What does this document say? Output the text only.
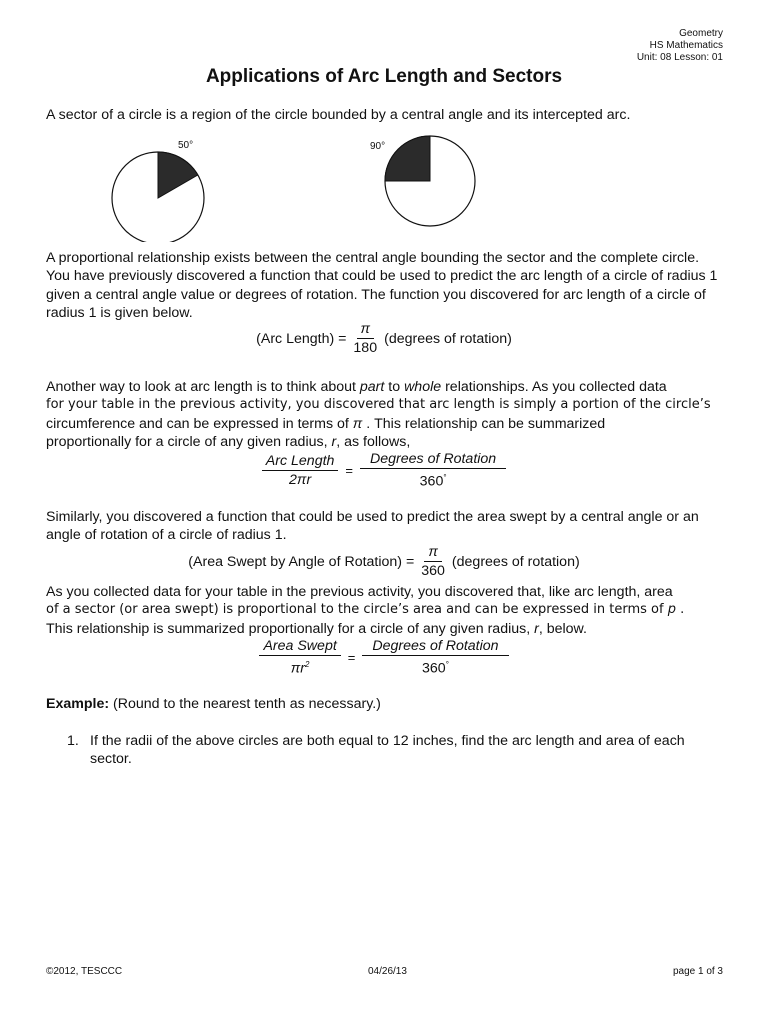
Geometry
HS Mathematics
Unit: 08 Lesson: 01
Applications of Arc Length and Sectors
A sector of a circle is a region of the circle bounded by a central angle and its intercepted arc.
50°	90°
A proportional relationship exists between the central angle bounding the sector and the complete circle. You have previously discovered a function that could be used to predict the arc length of a circle of radius 1 given a central angle value or degrees of rotation. The function you discovered for arc length of a circle of radius 1 is given below.
(Arc Length) = $\frac{\pi}{180}$ (degrees of rotation)
Another way to look at arc length is to think about part to whole relationships. As you collected data
for your table in the previous activity, you discovered that arc length is simply a portion of the circle’s
circumference and can be expressed in terms of π . This relationship can be summarized
proportionally for a circle of any given radius, r, as follows,
$\frac{\text{Arc Length}}{2\pi r} = \frac{\text{Degrees of Rotation}}{360^\circ}$
Similarly, you discovered a function that could be used to predict the area swept by a central angle or an angle of rotation of a circle of radius 1.
(Area Swept by Angle of Rotation) = $\frac{\pi}{360}$ (degrees of rotation)
As you collected data for your table in the previous activity, you discovered that, like arc length, area
of a sector (or area swept) is proportional to the circle’s area and can be expressed in terms of p .
This relationship is summarized proportionally for a circle of any given radius, r, below.
$\frac{\text{Area Swept}}{\pi r^2} = \frac{\text{Degrees of Rotation}}{360^\circ}$
Example: (Round to the nearest tenth as necessary.)
1. If the radii of the above circles are both equal to 12 inches, find the arc length and area of each sector.
©2012, TESCCC	04/26/13	page 1 of 3
